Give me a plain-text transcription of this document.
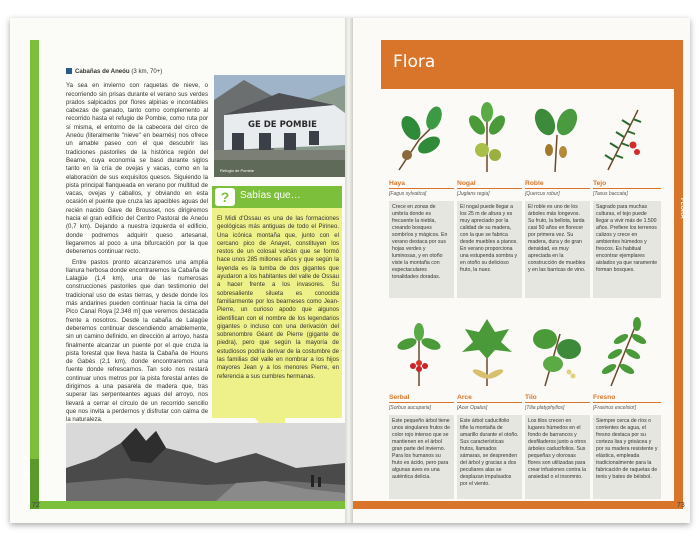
RUTA 6
72

Cabañas de Aneóu (3 km, 70+)

Ya sea en invierno con raquetas de nieve, o recorriendo sin prisas durante el verano sus verdes prados salpicados por flores alpinas e incontables cabezas de ganado, tanto como complemento al recorrido hasta el refugio de Pombie, como ruta por sí misma, el entorno de la cabecera del circo de Aneóu (literalmente "nieve" en bearnés) nos ofrece un amable paseo con el que descubrir las tradiciones pastoriles de la histórica región del Bearne, cuya economía se basó durante siglos tanto en la cría de ovejas y vacas, como en la elaboración de sus exquisitos quesos. Siguiendo la pista principal flanqueada en verano por multitud de vacas, ovejas y caballos, y obviando en esta ocasión el puente que cruza las apacibles aguas del recién nacido Gave de Brousset, nos dirigiremos hacia el gran edificio del Centro Pastoral de Aneóu (0,7 km). Dejando a nuestra izquierda el edificio, donde podremos adquirir queso artesanal, llegaremos al poco a una bifurcación por la que deberemos continuar recto.

Entre pastos pronto alcanzaremos una amplia llanura herbosa donde encontraremos la Cabaña de Lalagüe (1,4 km), una de las numerosas construcciones pastoriles que dan testimonio del tradicional uso de estas tierras, y desde donde los más andarines pueden continuar hacia la cima del Pico Canal Roya [2.348 m] que veremos destacada frente a nosotros. Desde la cabaña de Lalagüe deberemos continuar descendiendo amablemente, sin un camino definido, en dirección al arroyo, hasta finalmente alcanzar un puente por el que cruza la pista forestal que lleva hasta la Cabaña de Houns de Gabès (2,1 km), donde encontraremos una fuente donde refrescarnos. Tan solo nos restará continuar unos metros por la pista forestal antes de dirigirnos a una pasarela de madera que, tras superar las serpenteantes aguas del arroyo, nos llevará a cerrar el círculo de un recorrido sencillo que nos invita a perdernos y disfrutar con calma de la naturaleza.

GE DE POMBIE
Refugio de Pombie
?	Sabías que…
El Midi d'Ossau es una de las formaciones geológicas más antiguas de todo el Pirineo. Una icónica montaña que, junto con el cercano pico de Anayet, constituyen los restos de un colosal volcán que se formó hace unos 285 millones años y que según la leyenda es la tumba de dos gigantes que ayudaron a los habitantes del valle de Ossau a hacer frente a los invasores. Su sobresaliente silueta es conocida familiarmente por los bearneses como Jean-Pierre, un curioso apodo que algunos identifican con el nombre de los legendarios gigantes o incluso con una derivación del sobrenombre Géant de Pierre (gigante de piedra), pero que según la mayoría de estudiosos podría derivar de la costumbre de las familias del valle en nombrar a los hijos mayores Jean y a los menores Pierre, en referencia a sus cumbres hermanas.
Flora
FLORA
73
Haya
[Fagus sylvatica]
Crece en zonas de umbría donde es frecuente la niebla, creando bosques sombríos y mágicos. En verano destaca por sus hojas verdes y luminosas, y en otoño viste la montaña con espectaculares tonalidades doradas.
Nogal
[Juglans regia]
El nogal puede llegar a los 25 m de altura y es muy apreciado por la calidad de su madera, con la que se fabrica desde muebles a pianos. En verano proporciona una estupenda sombra y en otoño su delicioso fruto, la nuez.
Roble
[Quercus robur]
El roble es uno de los árboles más longevos. Su fruto, la bellota, tarda casi 50 años en florecer por primera vez. Su madera, dura y de gran densidad, es muy apreciada en la construcción de muebles y en las barricas de vino.
Tejo
[Taxus baccata]
Sagrado para muchas culturas, el tejo puede llegar a vivir más de 1.500 años. Prefiere los terrenos calizos y crece en ambientes húmedos y frescos. Es habitual encontrar ejemplares aislados ya que raramente forman bosques.
Serbal
[Sorbus aucuparia]
Este pequeño árbol tiene unos singulares frutos de color rojo intenso que se mantienen en el árbol gran parte del invierno. Para los humanos su fruto es ácido, pero para algunas aves es una auténtica delicia.
Arce
[Acer Opalus]
Este árbol caducifolio tiñe la montaña de amarillo durante el otoño. Sus características frutos, llamados sámaras, se desprenden del árbol y gracias a dos peculiares alas se desplazan impulsados por el viento.
Tilo
[Tilia platyphyllos]
Los tilos crecen en lugares húmedos en el fondo de barrancos y desfiladeros junto a otros árboles caducifolios. Sus pequeñas y olorosas flores son utilizadas para crear infusiones contra la ansiedad o el insomnio.
Fresno
[Fraxinus excelsior]
Siempre cerca de ríos o corrientes de agua, el fresno destaca por su corteza lisa y grisácea y por su madera resistente y elástica, empleada tradicionalmente para la fabricación de raquetas de tenis y bates de béisbol.
